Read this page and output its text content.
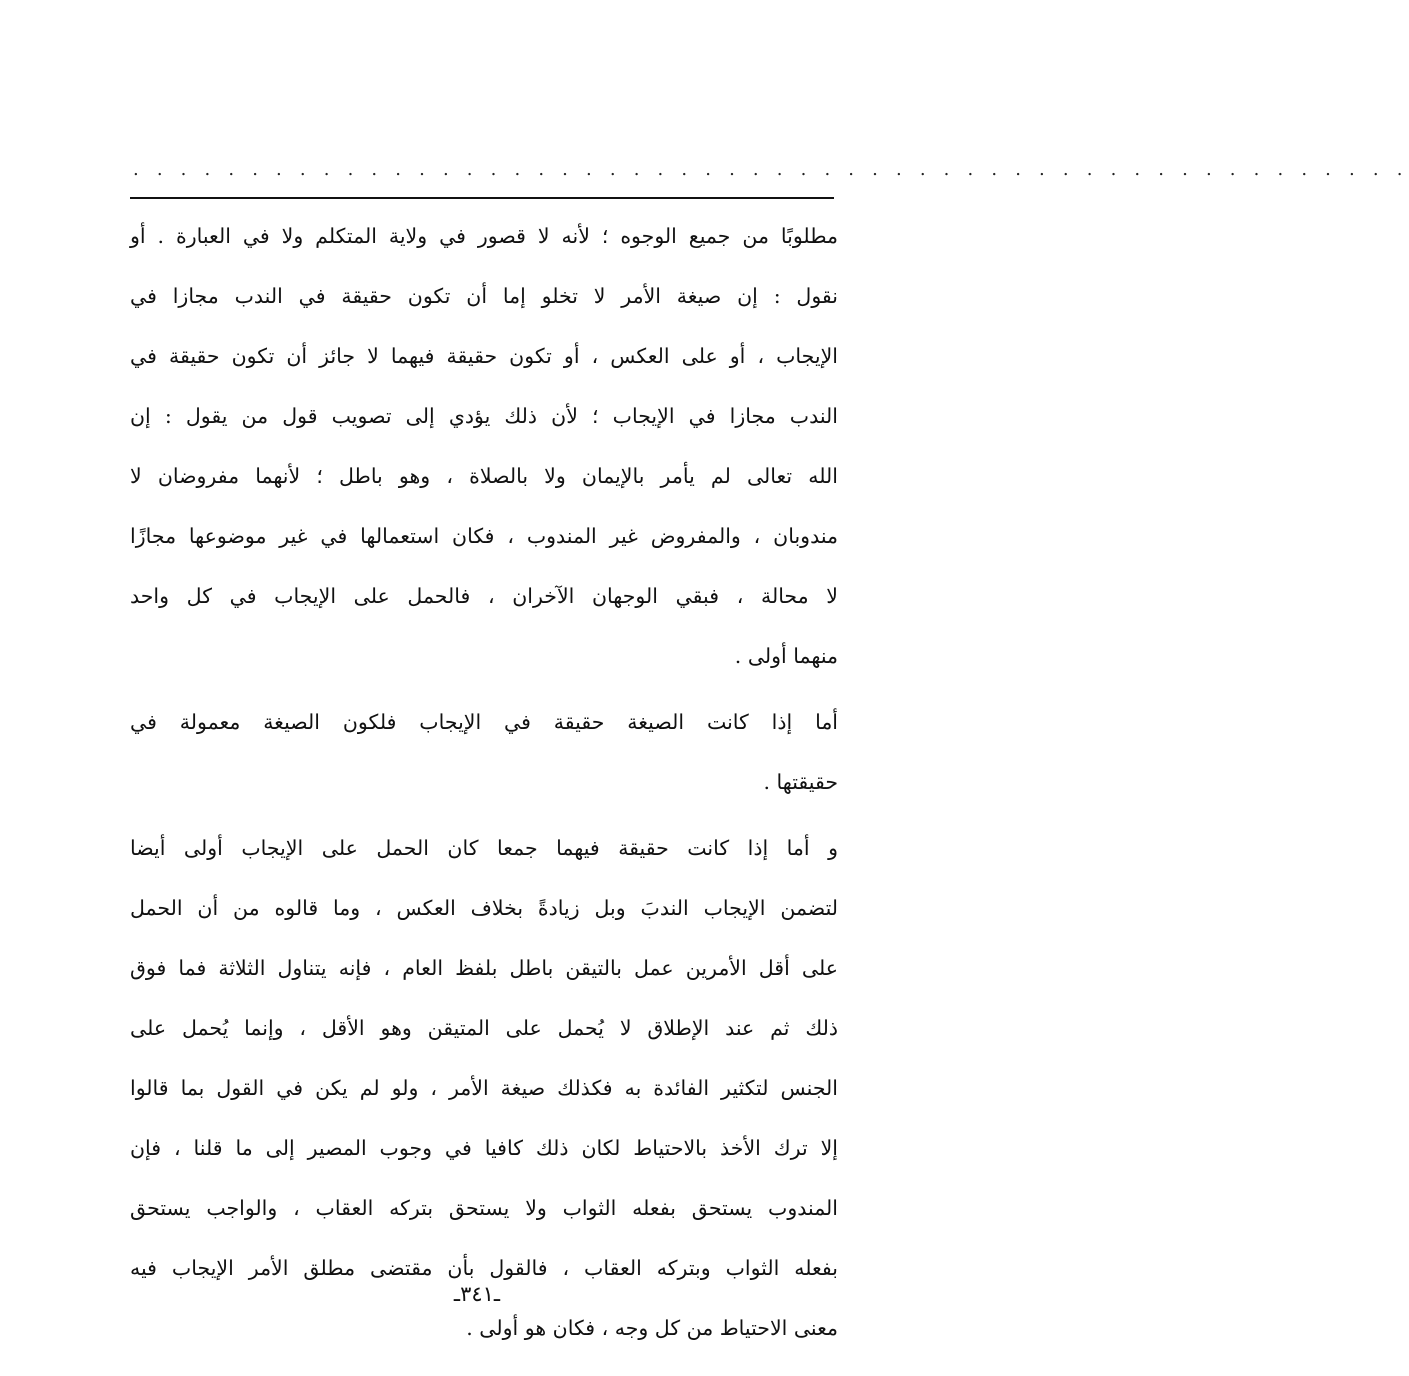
. . . . . . . . . . . . . . . . . . . . . . . . . . . . . . . . . . . . . . . . . . . . . . . . . . . . . .
مطلوبًا من جميع الوجوه ؛ لأنه لا قصور في ولاية المتكلم ولا في العبارة . أو
نقول : إن صيغة الأمر لا تخلو إما أن تكون حقيقة في الندب مجازا في
الإيجاب ، أو على العكس ، أو تكون حقيقة فيهما لا جائز أن تكون حقيقة في
الندب مجازا في الإيجاب ؛ لأن ذلك يؤدي إلى تصويب قول من يقول : إن
الله تعالى لم يأمر بالإيمان ولا بالصلاة ، وهو باطل ؛ لأنهما مفروضان لا
مندوبان ، والمفروض غير المندوب ، فكان استعمالها في غير موضوعها مجازًا
لا محالة ، فبقي الوجهان الآخران ، فالحمل على الإيجاب في كل واحد
منهما أولى .
أما إذا كانت الصيغة حقيقة في الإيجاب فلكون الصيغة معمولة في
حقيقتها .
و أما إذا كانت حقيقة فيهما جمعا كان الحمل على الإيجاب أولى أيضا
لتضمن الإيجاب الندبَ وبل زيادةً بخلاف العكس ، وما قالوه من أن الحمل
على أقل الأمرين عمل بالتيقن باطل بلفظ العام ، فإنه يتناول الثلاثة فما فوق
ذلك ثم عند الإطلاق لا يُحمل على المتيقن وهو الأقل ، وإنما يُحمل على
الجنس لتكثير الفائدة به فكذلك صيغة الأمر ، ولو لم يكن في القول بما قالوا
إلا ترك الأخذ بالاحتياط لكان ذلك كافيا في وجوب المصير إلى ما قلنا ، فإن
المندوب يستحق بفعله الثواب ولا يستحق بتركه العقاب ، والواجب يستحق
بفعله الثواب وبتركه العقاب ، فالقول بأن مقتضى مطلق الأمر الإيجاب فيه
معنى الاحتياط من كل وجه ، فكان هو أولى .
ـ٣٤١ـ
